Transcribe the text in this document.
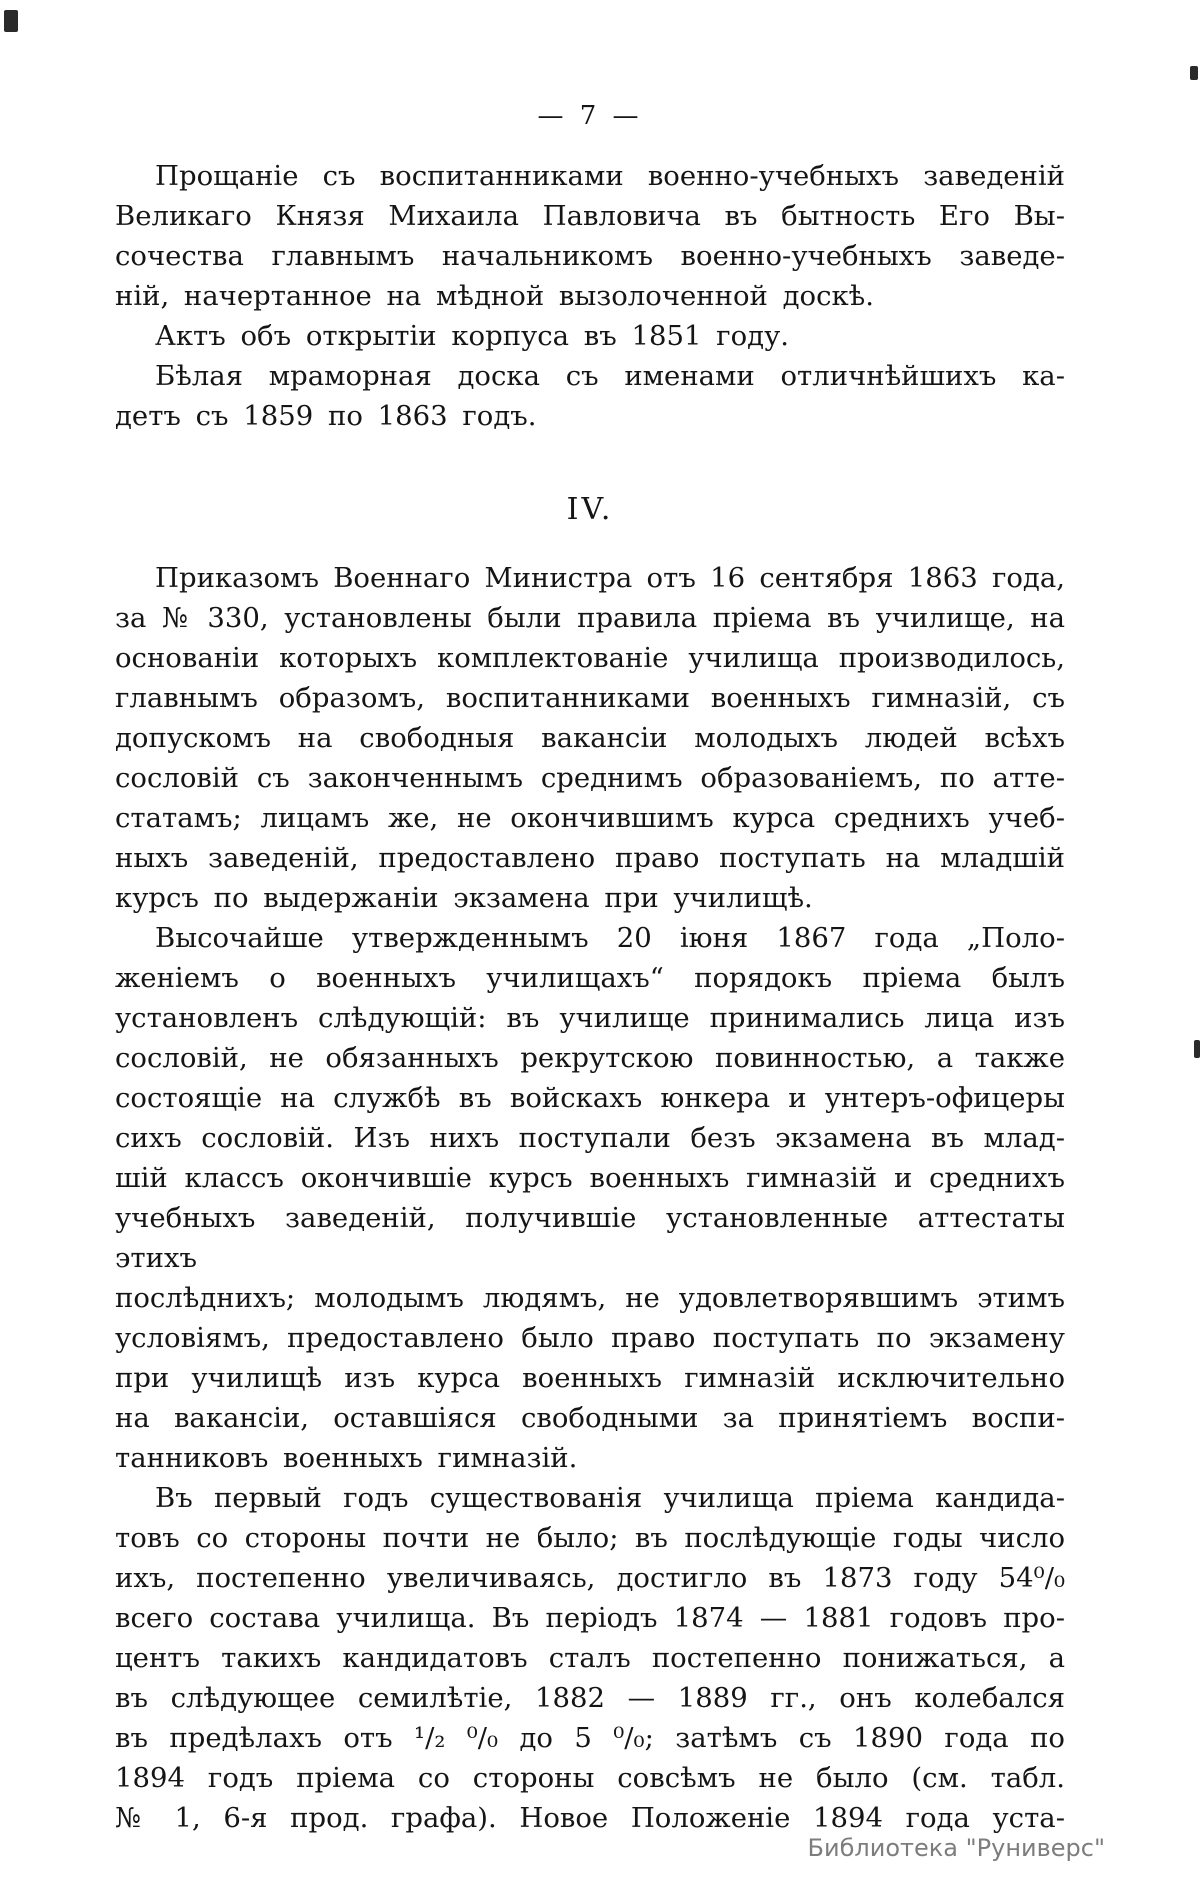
— 7 —
Прощаніе съ воспитанниками военно-учебныхъ заведеній
Великаго Князя Михаила Павловича въ бытность Его Вы-
сочества главнымъ начальникомъ военно-учебныхъ заведе-
ній, начертанное на мѣдной вызолоченной доскѣ.
Актъ объ открытіи корпуса въ 1851 году.
Бѣлая мраморная доска съ именами отличнѣйшихъ ка-
детъ съ 1859 по 1863 годъ.
IV.
Приказомъ Военнаго Министра отъ 16 сентября 1863 года,
за № 330, установлены были правила пріема въ училище, на
основаніи которыхъ комплектованіе училища производилось,
главнымъ образомъ, воспитанниками военныхъ гимназій, съ
допускомъ на свободныя вакансіи молодыхъ людей всѣхъ
сословій съ законченнымъ среднимъ образованіемъ, по атте-
статамъ; лицамъ же, не окончившимъ курса среднихъ учеб-
ныхъ заведеній, предоставлено право поступать на младшій
курсъ по выдержаніи экзамена при училищѣ.
Высочайше утвержденнымъ 20 іюня 1867 года „Поло-
женіемъ о военныхъ училищахъ“ порядокъ пріема былъ
установленъ слѣдующій: въ училище принимались лица изъ
сословій, не обязанныхъ рекрутскою повинностью, а также
состоящіе на службѣ въ войскахъ юнкера и унтеръ-офицеры
сихъ сословій. Изъ нихъ поступали безъ экзамена въ млад-
шій классъ окончившіе курсъ военныхъ гимназій и среднихъ
учебныхъ заведеній, получившіе установленные аттестаты этихъ
послѣднихъ; молодымъ людямъ, не удовлетворявшимъ этимъ
условіямъ, предоставлено было право поступать по экзамену
при училищѣ изъ курса военныхъ гимназій исключительно
на вакансіи, оставшіяся свободными за принятіемъ воспи-
танниковъ военныхъ гимназій.
Въ первый годъ существованія училища пріема кандида-
товъ со стороны почти не было; въ послѣдующіе годы число
ихъ, постепенно увеличиваясь, достигло въ 1873 году 54⁰/₀
всего состава училища. Въ періодъ 1874 — 1881 годовъ про-
центъ такихъ кандидатовъ сталъ постепенно понижаться, а
въ слѣдующее семилѣтіе, 1882 — 1889 гг., онъ колебался
въ предѣлахъ отъ ¹/₂ ⁰/₀ до 5 ⁰/₀; затѣмъ съ 1890 года по
1894 годъ пріема со стороны совсѣмъ не было (см. табл.
№ 1, 6-я прод. графа). Новое Положеніе 1894 года уста-
Библиотека "Руниверс"
